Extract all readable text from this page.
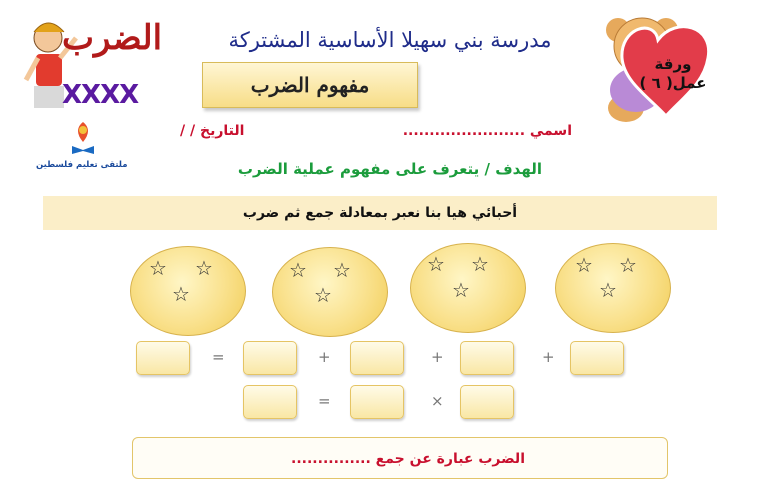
الضرب
XXXX
ملتقى تعليم فلسطين
ورقة
عمل( ٦ )
مدرسة بني سهيلا الأساسية المشتركة
مفهوم الضرب
اسمي .......................
التاريخ / /
الهدف / يتعرف على مفهوم عملية الضرب
أحبائي هيا بنا نعبر بمعادلة جمع ثم ضرب
☆ ☆
☆
☆ ☆
☆
☆ ☆
☆
☆ ☆
☆
=	+	+	+
=	×
الضرب عبارة عن جمع ...............
